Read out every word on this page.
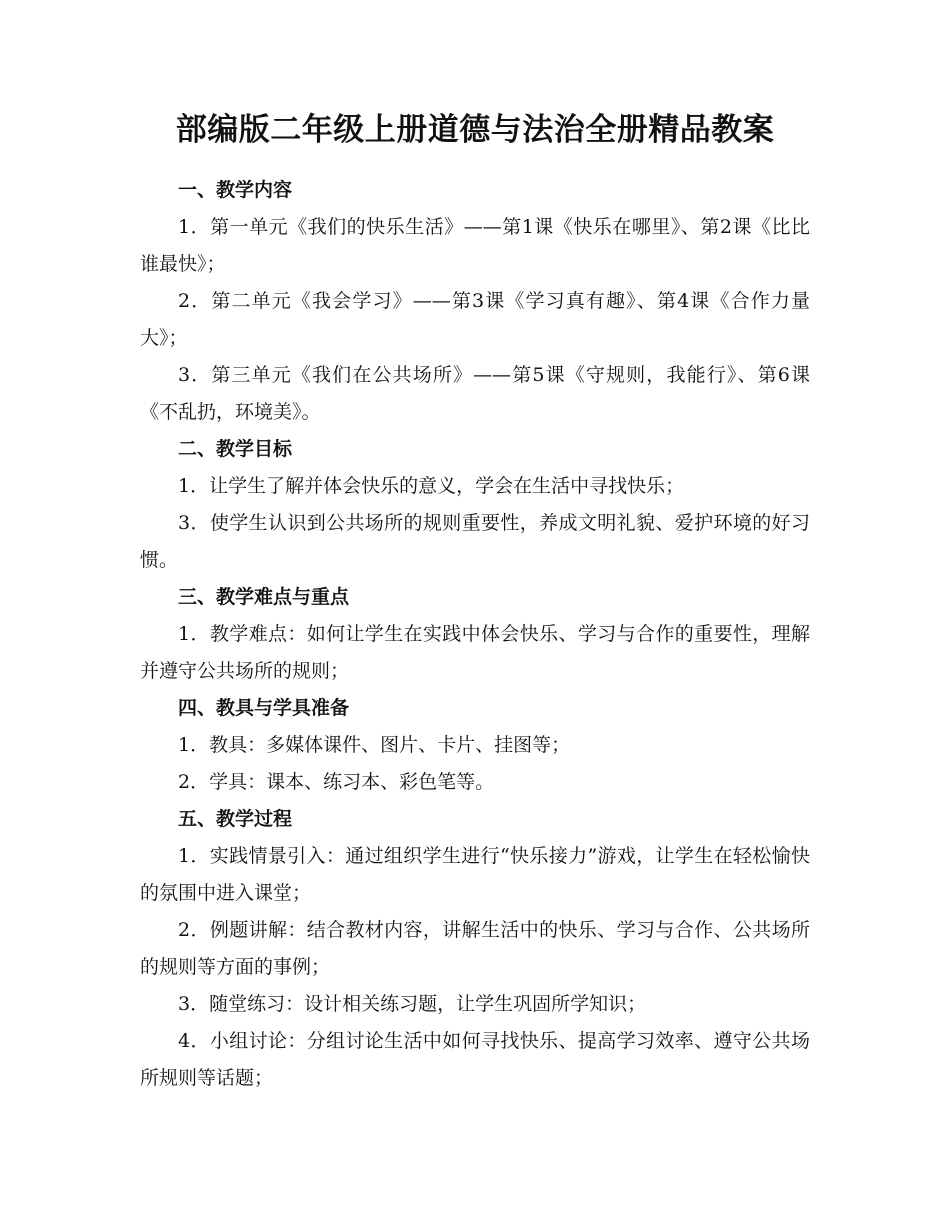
部编版二年级上册道德与法治全册精品教案

一、教学内容

1．第一单元《我们的快乐生活》——第1课《快乐在哪里》、第2课《比比谁最快》；

2．第二单元《我会学习》——第3课《学习真有趣》、第4课《合作力量大》；

3．第三单元《我们在公共场所》——第5课《守规则，我能行》、第6课《不乱扔，环境美》。

二、教学目标

1．让学生了解并体会快乐的意义，学会在生活中寻找快乐；

3．使学生认识到公共场所的规则重要性，养成文明礼貌、爱护环境的好习惯。

三、教学难点与重点

1．教学难点：如何让学生在实践中体会快乐、学习与合作的重要性，理解并遵守公共场所的规则；

四、教具与学具准备

1．教具：多媒体课件、图片、卡片、挂图等；

2．学具：课本、练习本、彩色笔等。

五、教学过程

1．实践情景引入：通过组织学生进行“快乐接力”游戏，让学生在轻松愉快的氛围中进入课堂；

2．例题讲解：结合教材内容，讲解生活中的快乐、学习与合作、公共场所的规则等方面的事例；

3．随堂练习：设计相关练习题，让学生巩固所学知识；

4．小组讨论：分组讨论生活中如何寻找快乐、提高学习效率、遵守公共场所规则等话题；
